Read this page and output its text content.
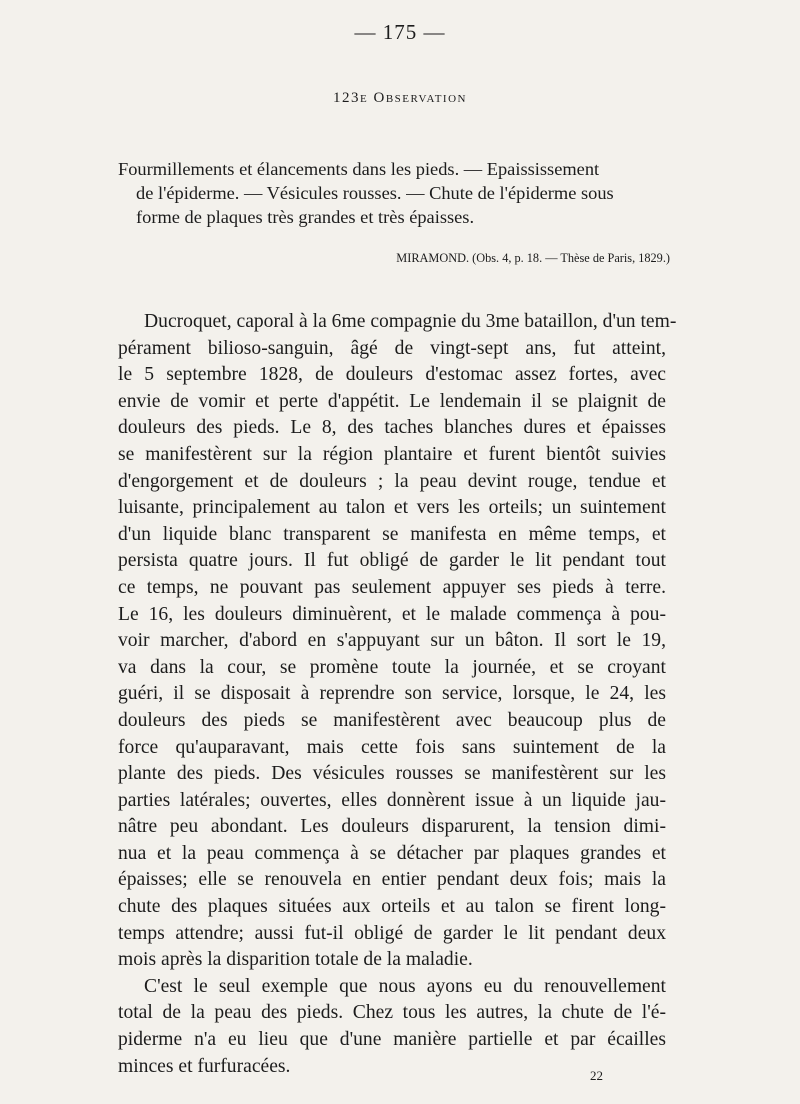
— 175 —
123e Observation
Fourmillements et élancements dans les pieds. — Epaississement
de l'épiderme. — Vésicules rousses. — Chute de l'épiderme sous
forme de plaques très grandes et très épaisses.
MIRAMOND. (Obs. 4, p. 18. — Thèse de Paris, 1829.)
Ducroquet, caporal à la 6me compagnie du 3me bataillon, d'un tem-
pérament bilioso-sanguin, âgé de vingt-sept ans, fut atteint,
le 5 septembre 1828, de douleurs d'estomac assez fortes, avec
envie de vomir et perte d'appétit. Le lendemain il se plaignit de
douleurs des pieds. Le 8, des taches blanches dures et épaisses
se manifestèrent sur la région plantaire et furent bientôt suivies
d'engorgement et de douleurs ; la peau devint rouge, tendue et
luisante, principalement au talon et vers les orteils; un suintement
d'un liquide blanc transparent se manifesta en même temps, et
persista quatre jours. Il fut obligé de garder le lit pendant tout
ce temps, ne pouvant pas seulement appuyer ses pieds à terre.
Le 16, les douleurs diminuèrent, et le malade commença à pou-
voir marcher, d'abord en s'appuyant sur un bâton. Il sort le 19,
va dans la cour, se promène toute la journée, et se croyant
guéri, il se disposait à reprendre son service, lorsque, le 24, les
douleurs des pieds se manifestèrent avec beaucoup plus de
force qu'auparavant, mais cette fois sans suintement de la
plante des pieds. Des vésicules rousses se manifestèrent sur les
parties latérales; ouvertes, elles donnèrent issue à un liquide jau-
nâtre peu abondant. Les douleurs disparurent, la tension dimi-
nua et la peau commença à se détacher par plaques grandes et
épaisses; elle se renouvela en entier pendant deux fois; mais la
chute des plaques situées aux orteils et au talon se firent long-
temps attendre; aussi fut-il obligé de garder le lit pendant deux
mois après la disparition totale de la maladie.
C'est le seul exemple que nous ayons eu du renouvellement
total de la peau des pieds. Chez tous les autres, la chute de l'é-
piderme n'a eu lieu que d'une manière partielle et par écailles
minces et furfuracées.	22
